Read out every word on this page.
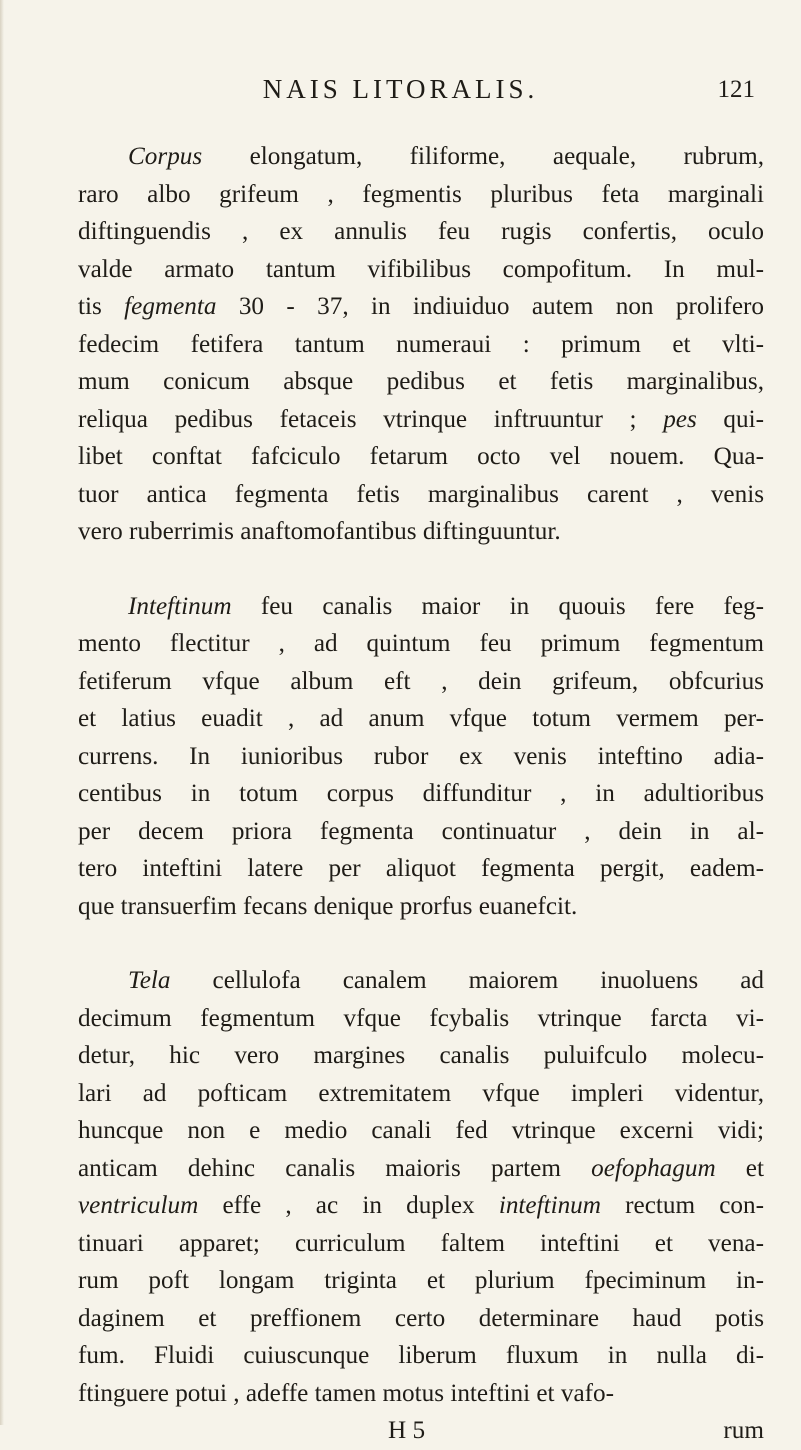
NAIS LITORALIS.	121
Corpus elongatum, filiforme, aequale, rubrum,
raro albo grifeum , fegmentis pluribus feta marginali
diftinguendis , ex annulis feu rugis confertis, oculo
valde armato tantum vifibilibus compofitum. In mul-
tis fegmenta 30 - 37, in indiuiduo autem non prolifero
fedecim fetifera tantum numeraui : primum et vlti-
mum conicum absque pedibus et fetis marginalibus,
reliqua pedibus fetaceis vtrinque inftruuntur ; pes qui-
libet conftat fafciculo fetarum octo vel nouem. Qua-
tuor antica fegmenta fetis marginalibus carent , venis
vero ruberrimis anaftomofantibus diftinguuntur.
Inteftinum feu canalis maior in quouis fere feg-
mento flectitur , ad quintum feu primum fegmentum
fetiferum vfque album eft , dein grifeum, obfcurius
et latius euadit , ad anum vfque totum vermem per-
currens. In iunioribus rubor ex venis inteftino adia-
centibus in totum corpus diffunditur , in adultioribus
per decem priora fegmenta continuatur , dein in al-
tero inteftini latere per aliquot fegmenta pergit, eadem-
que transuerfim fecans denique prorfus euanefcit.
Tela cellulofa canalem maiorem inuoluens ad
decimum fegmentum vfque fcybalis vtrinque farcta vi-
detur, hic vero margines canalis puluifculo molecu-
lari ad pofticam extremitatem vfque impleri videntur,
huncque non e medio canali fed vtrinque excerni vidi;
anticam dehinc canalis maioris partem oefophagum et
ventriculum effe , ac in duplex inteftinum rectum con-
tinuari apparet; curriculum faltem inteftini et vena-
rum poft longam triginta et plurium fpeciminum in-
daginem et preffionem certo determinare haud potis
fum. Fluidi cuiuscunque liberum fluxum in nulla di-
ftinguere potui , adeffe tamen motus inteftini et vafo-
H 5	rum
